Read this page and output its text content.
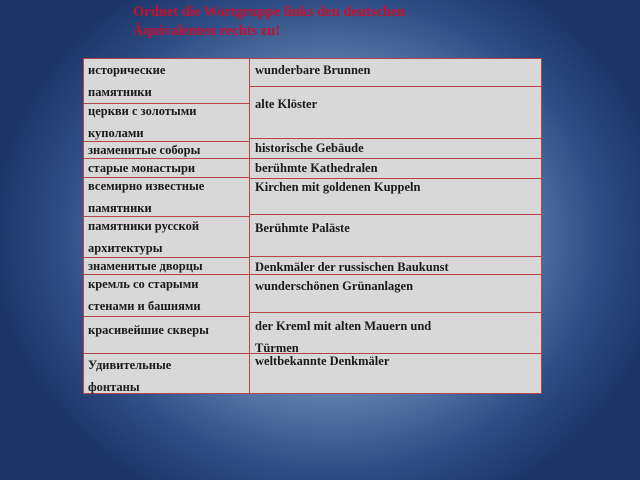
Ordnet die Wortgruppe links den deutschen
Äquivalenten rechts zu!
исторические
памятники
церкви с золотыми
куполами
знаменитые соборы
старые монастыри
всемирно известные
памятники
памятники русской
архитектуры
знаменитые дворцы
кремль со старыми
стенами и башнями
красивейшие скверы
Удивительные
фонтаны
wunderbare Brunnen
alte Klöster
historische Gebäude
berühmte Kathedralen
Kirchen mit goldenen Kuppeln
Berühmte Paläste
Denkmäler der russischen Baukunst
wunderschönen Grünanlagen
der Kreml mit alten Mauern und
Türmen
weltbekannte Denkmäler
